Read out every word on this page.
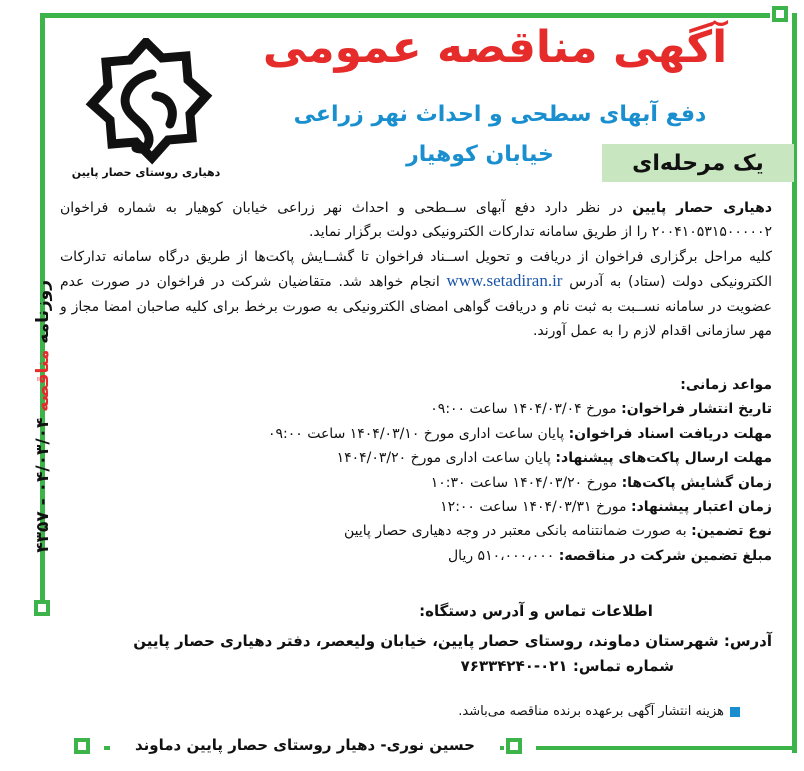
دهیاری روستای حصار پایین
آگهی مناقصه عمومی
دفع آبهای سطحی و احداث نهر زراعی
خیابان کوهیار	یک مرحله‌ای
دهیاری حصار پایین در نظر دارد دفع آبهای ســطحی و احداث نهر زراعی خیابان کوهیار به شماره فراخوان ۲۰۰۴۱۰۵۳۱۵۰۰۰۰۰۲ را از طریق سامانه تدارکات الکترونیکی دولت برگزار نماید.
کلیه مراحل برگزاری فراخوان از دریافت و تحویل اســناد فراخوان تا گشــایش پاکت‌ها از طریق درگاه سامانه تدارکات الکترونیکی دولت (ستاد) به آدرس www.setadiran.ir انجام خواهد شد. متقاضیان شرکت در فراخوان در صورت عدم عضویت در سامانه نســبت به ثبت نام و دریافت گواهی امضای الکترونیکی به صورت برخط برای کلیه صاحبان امضا مجاز و مهر سازمانی اقدام لازم را به عمل آورند.
مواعد زمانی:
تاریخ انتشار فراخوان: مورخ ۱۴۰۴/۰۳/۰۴ ساعت ۰۹:۰۰
مهلت دریافت اسناد فراخوان: پایان ساعت اداری مورخ ۱۴۰۴/۰۳/۱۰ ساعت ۰۹:۰۰
مهلت ارسال پاکت‌های پیشنهاد: پایان ساعت اداری مورخ ۱۴۰۴/۰۳/۲۰
زمان گشایش پاکت‌ها: مورخ ۱۴۰۴/۰۳/۲۰ ساعت ۱۰:۳۰
زمان اعتبار پیشنهاد: مورخ ۱۴۰۴/۰۳/۳۱ ساعت ۱۲:۰۰
نوع تضمین: به صورت ضمانتنامه بانکی معتبر در وجه دهیاری حصار پایین
مبلغ تضمین شرکت در مناقصه: ۵۱۰،۰۰۰،۰۰۰ ریال
اطلاعات تماس و آدرس دستگاه:
آدرس: شهرستان دماوند، روستای حصار پایین، خیابان ولیعصر، دفتر دهیاری حصار پایین
شماره تماس: ۰۲۱-۷۶۳۳۴۲۴۰
هزینه انتشار آگهی برعهده برنده مناقصه می‌باشد.
حسین نوری- دهیار روستای حصار پایین دماوند
روزنامه مناقصه ۰۴/۰۳/۰۴ - ۴۳۵۷
